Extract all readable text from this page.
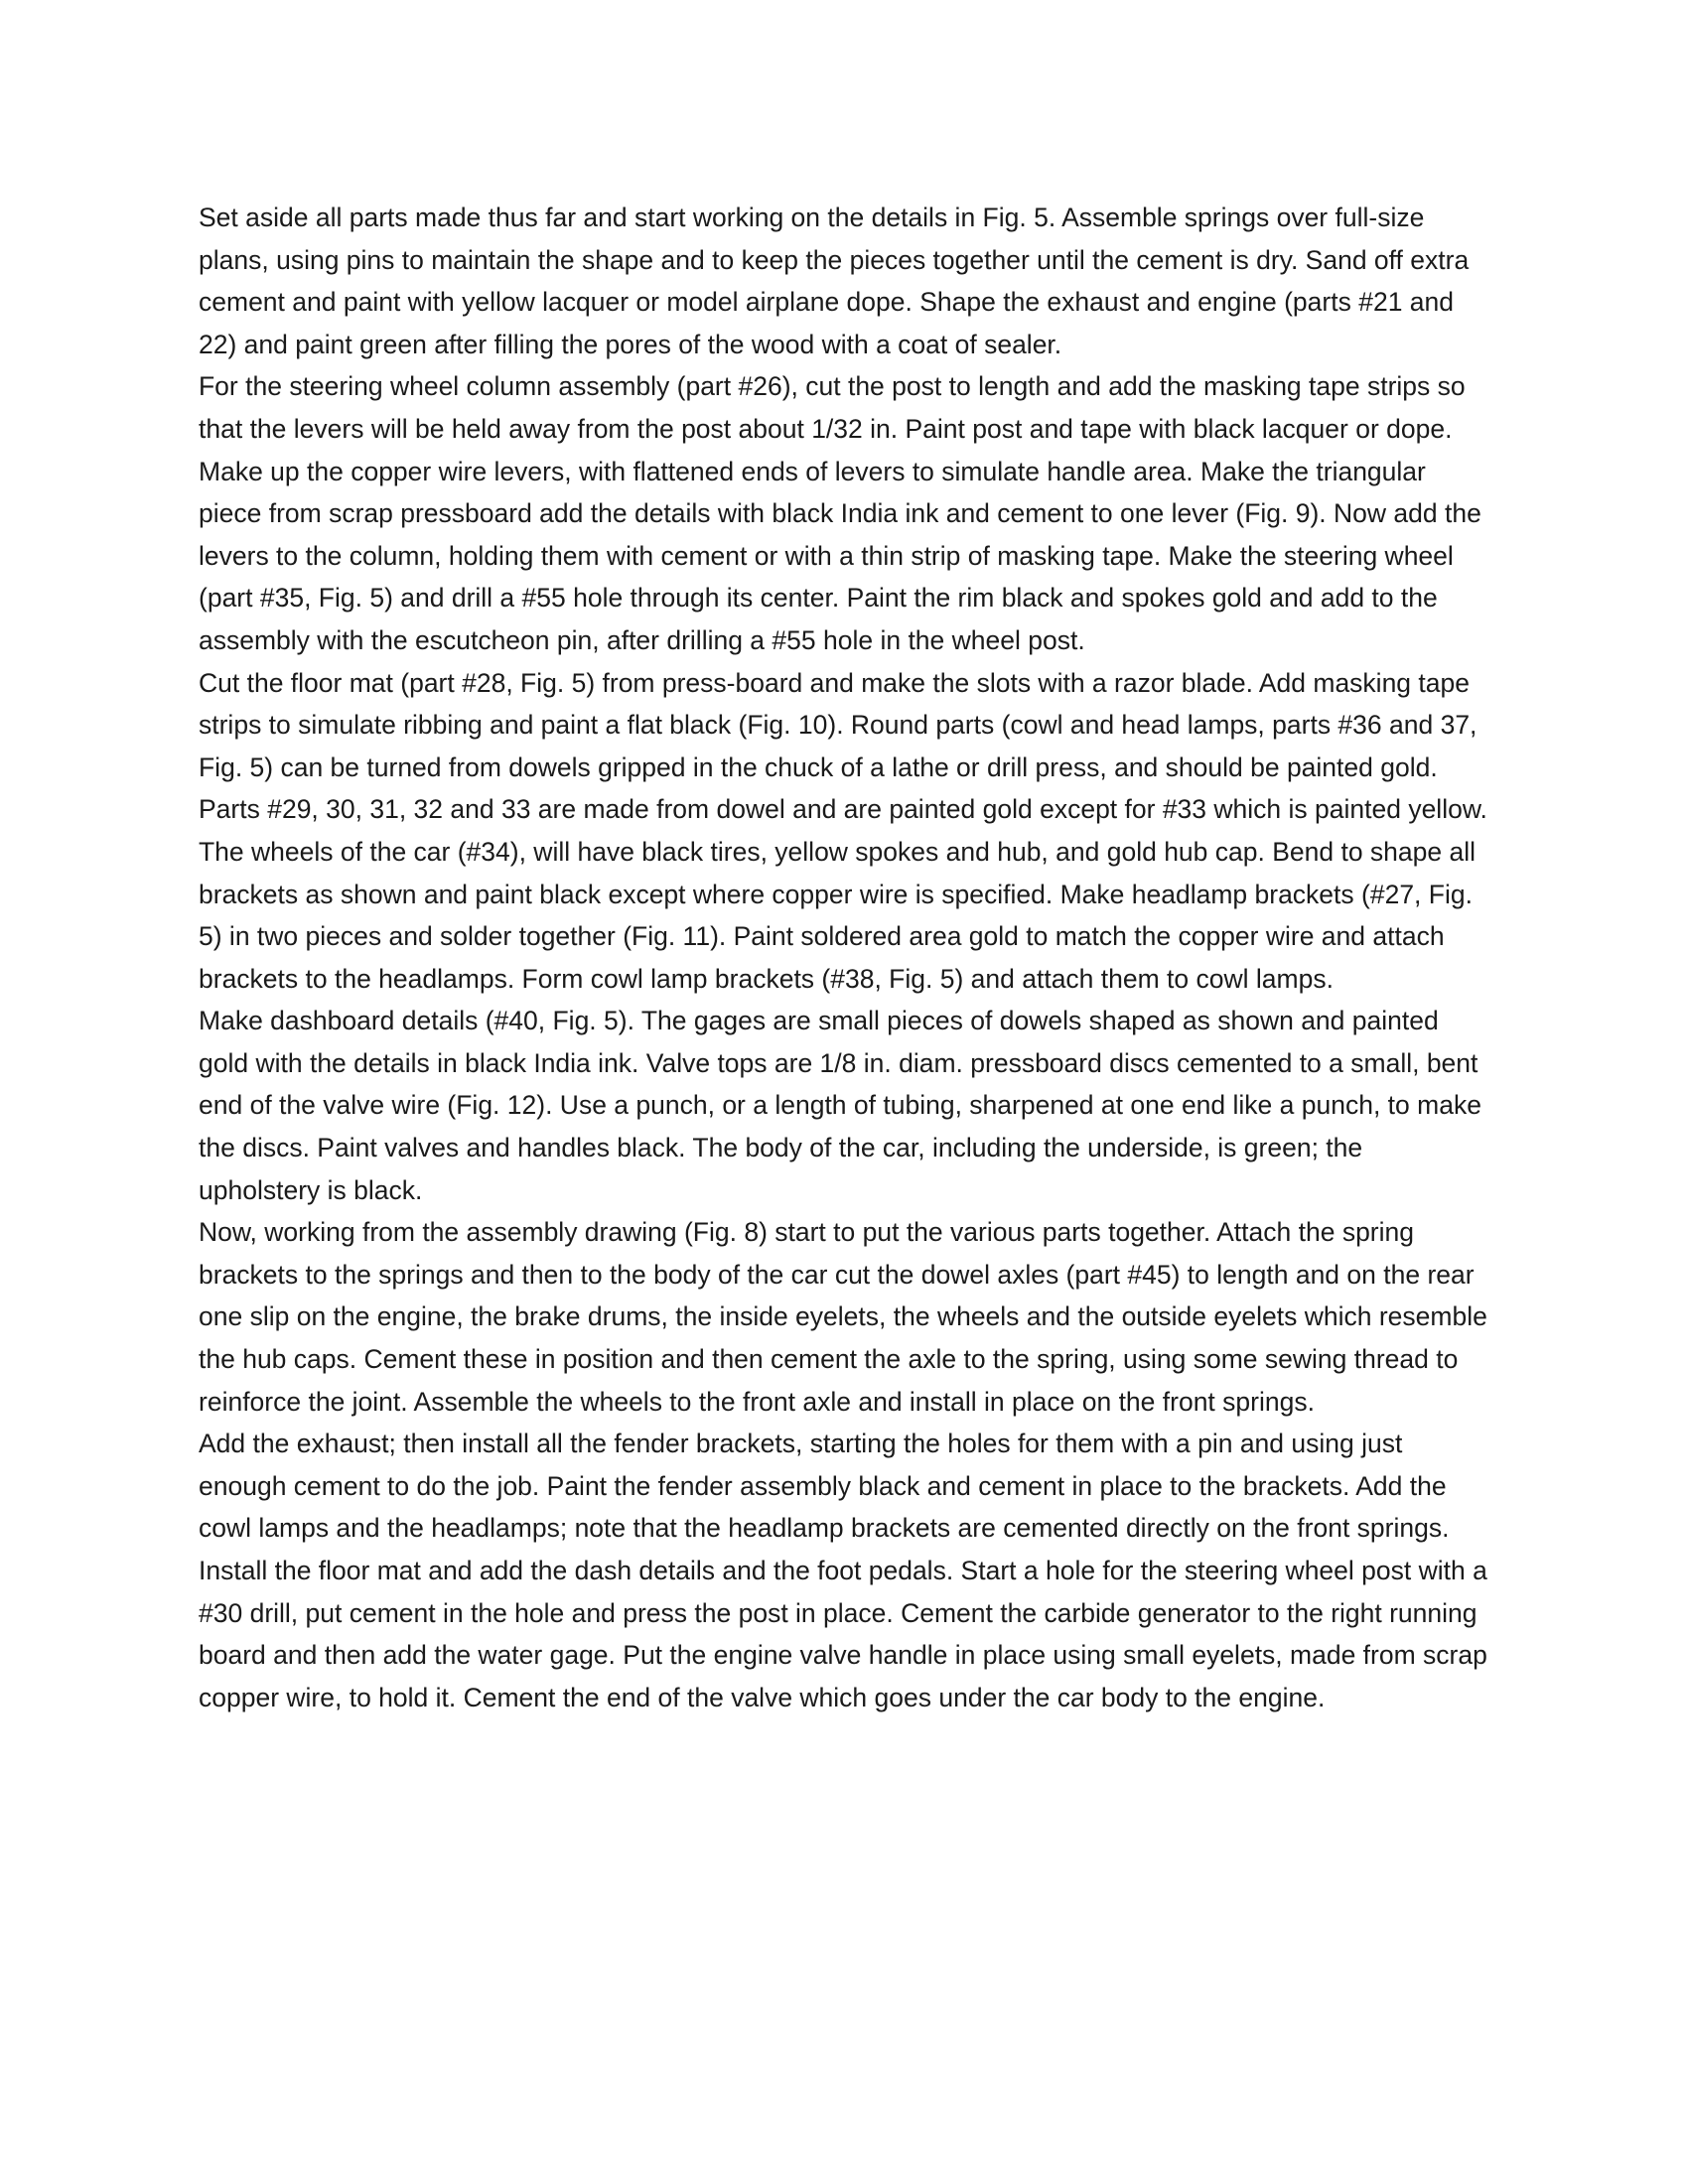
Set aside all parts made thus far and start working on the details in Fig. 5. Assemble springs over full-size plans, using pins to maintain the shape and to keep the pieces together until the cement is dry. Sand off extra cement and paint with yellow lacquer or model airplane dope. Shape the exhaust and engine (parts #21 and 22) and paint green after filling the pores of the wood with a coat of sealer.

For the steering wheel column assembly (part #26), cut the post to length and add the masking tape strips so that the levers will be held away from the post about 1/32 in. Paint post and tape with black lacquer or dope. Make up the copper wire levers, with flattened ends of levers to simulate handle area. Make the triangular piece from scrap pressboard add the details with black India ink and cement to one lever (Fig. 9). Now add the levers to the column, holding them with cement or with a thin strip of masking tape. Make the steering wheel (part #35, Fig. 5) and drill a #55 hole through its center. Paint the rim black and spokes gold and add to the assembly with the escutcheon pin, after drilling a #55 hole in the wheel post.

Cut the floor mat (part #28, Fig. 5) from press-board and make the slots with a razor blade. Add masking tape strips to simulate ribbing and paint a flat black (Fig. 10). Round parts (cowl and head lamps, parts #36 and 37, Fig. 5) can be turned from dowels gripped in the chuck of a lathe or drill press, and should be painted gold.

Parts #29, 30, 31, 32 and 33 are made from dowel and are painted gold except for #33 which is painted yellow. The wheels of the car (#34), will have black tires, yellow spokes and hub, and gold hub cap. Bend to shape all brackets as shown and paint black except where copper wire is specified. Make headlamp brackets (#27, Fig. 5) in two pieces and solder together (Fig. 11). Paint soldered area gold to match the copper wire and attach brackets to the headlamps. Form cowl lamp brackets (#38, Fig. 5) and attach them to cowl lamps.

Make dashboard details (#40, Fig. 5). The gages are small pieces of dowels shaped as shown and painted gold with the details in black India ink. Valve tops are 1/8 in. diam. pressboard discs cemented to a small, bent end of the valve wire (Fig. 12). Use a punch, or a length of tubing, sharpened at one end like a punch, to make the discs. Paint valves and handles black. The body of the car, including the underside, is green; the upholstery is black.

Now, working from the assembly drawing (Fig. 8) start to put the various parts together. Attach the spring brackets to the springs and then to the body of the car cut the dowel axles (part #45) to length and on the rear one slip on the engine, the brake drums, the inside eyelets, the wheels and the outside eyelets which resemble the hub caps. Cement these in position and then cement the axle to the spring, using some sewing thread to reinforce the joint. Assemble the wheels to the front axle and install in place on the front springs.

Add the exhaust; then install all the fender brackets, starting the holes for them with a pin and using just enough cement to do the job. Paint the fender assembly black and cement in place to the brackets. Add the cowl lamps and the headlamps; note that the headlamp brackets are cemented directly on the front springs.

Install the floor mat and add the dash details and the foot pedals. Start a hole for the steering wheel post with a #30 drill, put cement in the hole and press the post in place. Cement the carbide generator to the right running board and then add the water gage. Put the engine valve handle in place using small eyelets, made from scrap copper wire, to hold it. Cement the end of the valve which goes under the car body to the engine.
